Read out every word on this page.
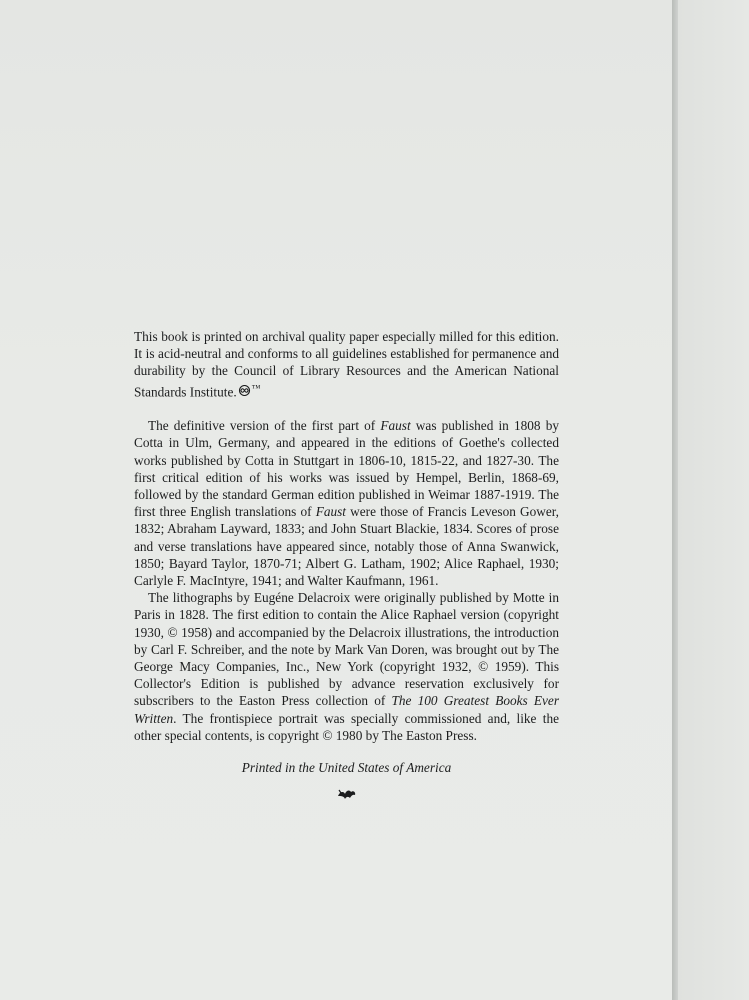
This book is printed on archival quality paper especially milled for this edition. It is acid-neutral and conforms to all guidelines established for permanence and durability by the Council of Library Resources and the American National Standards Institute. ™

The definitive version of the first part of Faust was published in 1808 by Cotta in Ulm, Germany, and appeared in the editions of Goethe's collected works published by Cotta in Stuttgart in 1806-10, 1815-22, and 1827-30. The first critical edition of his works was issued by Hempel, Berlin, 1868-69, followed by the standard German edition published in Weimar 1887-1919. The first three English translations of Faust were those of Francis Leveson Gower, 1832; Abraham Layward, 1833; and John Stuart Blackie, 1834. Scores of prose and verse translations have appeared since, notably those of Anna Swanwick, 1850; Bayard Taylor, 1870-71; Albert G. Latham, 1902; Alice Raphael, 1930; Carlyle F. MacIntyre, 1941; and Walter Kaufmann, 1961.

The lithographs by Eugéne Delacroix were originally published by Motte in Paris in 1828. The first edition to contain the Alice Raphael version (copyright 1930, © 1958) and accompanied by the Delacroix illustrations, the introduction by Carl F. Schreiber, and the note by Mark Van Doren, was brought out by The George Macy Companies, Inc., New York (copyright 1932, © 1959). This Collector's Edition is published by advance reservation exclusively for subscribers to the Easton Press collection of The 100 Greatest Books Ever Written. The frontispiece portrait was specially commissioned and, like the other special contents, is copyright © 1980 by The Easton Press.

Printed in the United States of America
